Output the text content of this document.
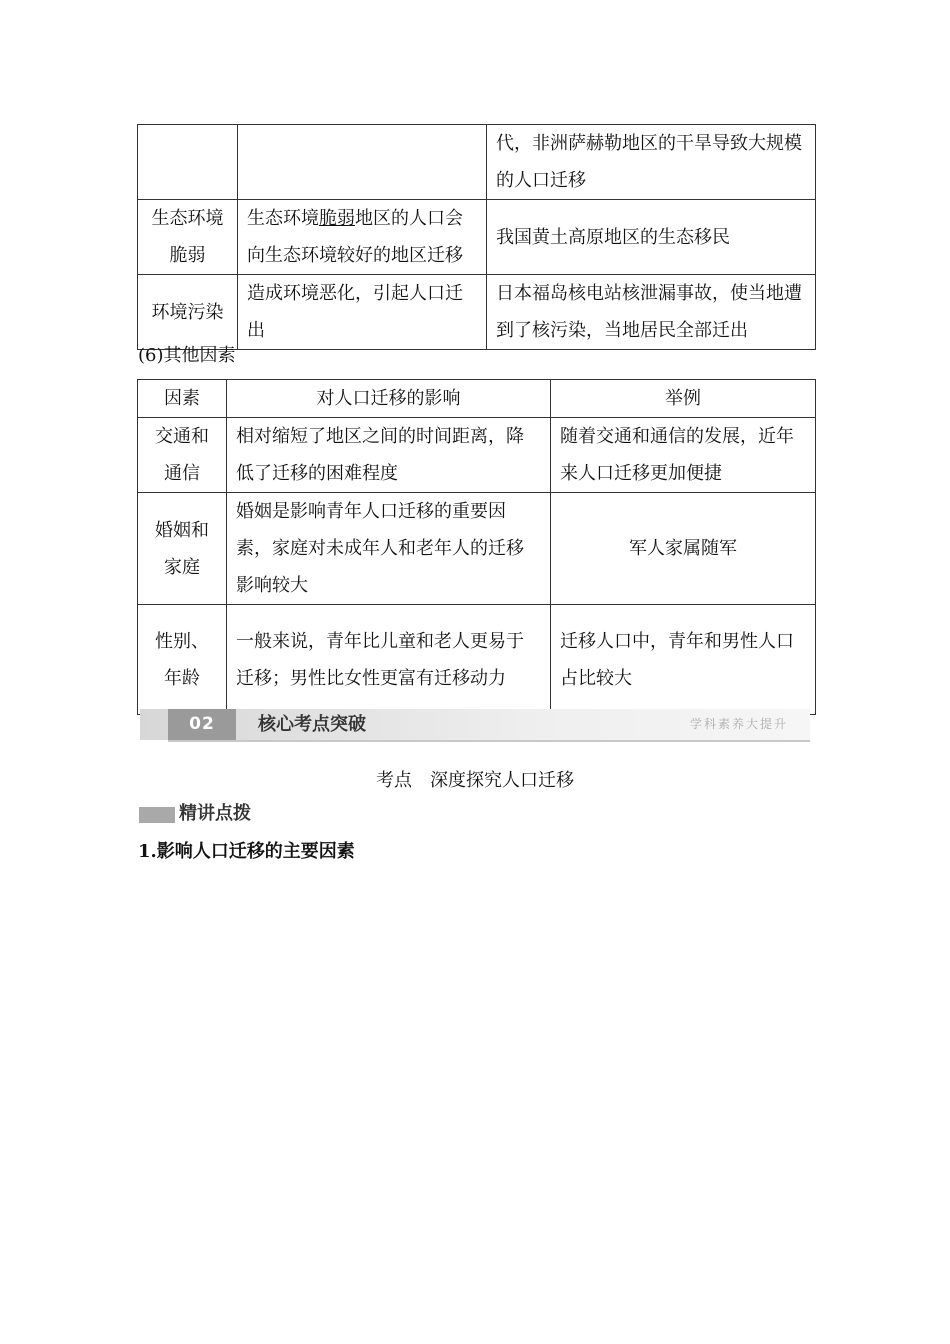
		代，非洲萨赫勒地区的干旱导致大规模的人口迁移
生态环境脆弱	生态环境脆弱地区的人口会向生态环境较好的地区迁移	我国黄土高原地区的生态移民
环境污染	造成环境恶化，引起人口迁出	日本福岛核电站核泄漏事故，使当地遭到了核污染，当地居民全部迁出
(6)其他因素
因素	对人口迁移的影响	举例
交通和通信	相对缩短了地区之间的时间距离，降低了迁移的困难程度	随着交通和通信的发展，近年来人口迁移更加便捷
婚姻和家庭	婚姻是影响青年人口迁移的重要因素，家庭对未成年人和老年人的迁移影响较大	军人家属随军
性别、年龄	一般来说，青年比儿童和老人更易于迁移；男性比女性更富有迁移动力	迁移人口中，青年和男性人口占比较大
02	核心考点突破	学科素养大提升
考点　深度探究人口迁移
精讲点拨
1.影响人口迁移的主要因素
